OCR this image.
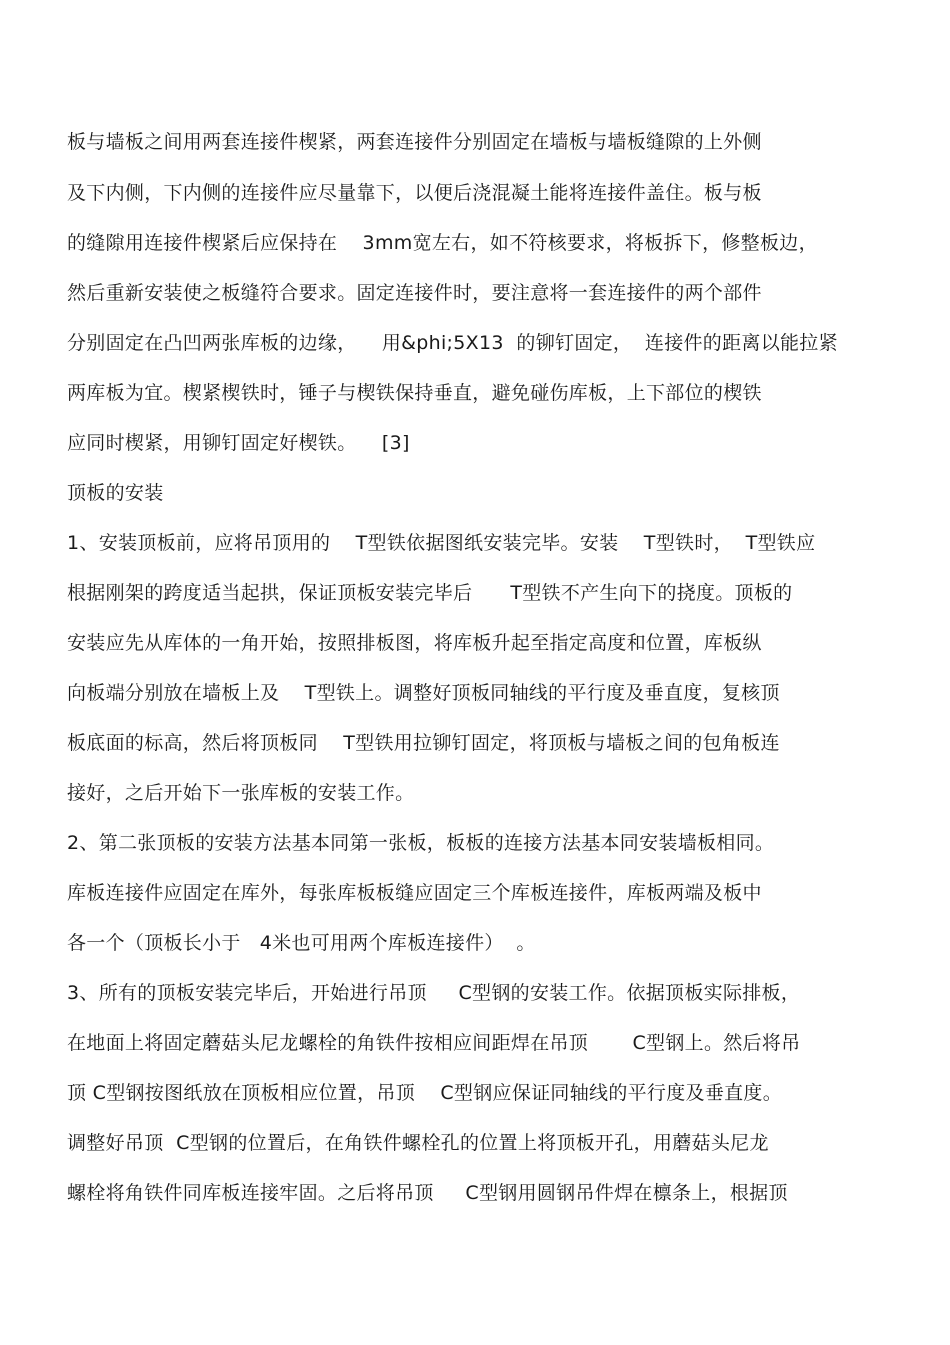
板与墙板之间用两套连接件楔紧，两套连接件分别固定在墙板与墙板缝隙的上外侧
及下内侧，下内侧的连接件应尽量靠下，以便后浇混凝土能将连接件盖住。板与板
的缝隙用连接件楔紧后应保持在    3mm宽左右，如不符核要求，将板拆下，修整板边，
然后重新安装使之板缝符合要求。固定连接件时，要注意将一套连接件的两个部件
分别固定在凸凹两张库板的边缘，    用&phi;5X13  的铆钉固定，  连接件的距离以能拉紧
两库板为宜。楔紧楔铁时，锤子与楔铁保持垂直，避免碰伤库板，上下部位的楔铁
应同时楔紧，用铆钉固定好楔铁。    [3]
顶板的安装
1、安装顶板前，应将吊顶用的    T型铁依据图纸安装完毕。安装    T型铁时，  T型铁应
根据刚架的跨度适当起拱，保证顶板安装完毕后      T型铁不产生向下的挠度。顶板的
安装应先从库体的一角开始，按照排板图，将库板升起至指定高度和位置，库板纵
向板端分别放在墙板上及    T型铁上。调整好顶板同轴线的平行度及垂直度，复核顶
板底面的标高，然后将顶板同    T型铁用拉铆钉固定，将顶板与墙板之间的包角板连
接好，之后开始下一张库板的安装工作。
2、第二张顶板的安装方法基本同第一张板，板板的连接方法基本同安装墙板相同。
库板连接件应固定在库外，每张库板板缝应固定三个库板连接件，库板两端及板中
各一个（顶板长小于   4米也可用两个库板连接件）  。
3、所有的顶板安装完毕后，开始进行吊顶     C型钢的安装工作。依据顶板实际排板，
在地面上将固定蘑菇头尼龙螺栓的角铁件按相应间距焊在吊顶       C型钢上。然后将吊
顶 C型钢按图纸放在顶板相应位置，吊顶    C型钢应保证同轴线的平行度及垂直度。
调整好吊顶  C型钢的位置后，在角铁件螺栓孔的位置上将顶板开孔，用蘑菇头尼龙
螺栓将角铁件同库板连接牢固。之后将吊顶     C型钢用圆钢吊件焊在檩条上，根据顶
